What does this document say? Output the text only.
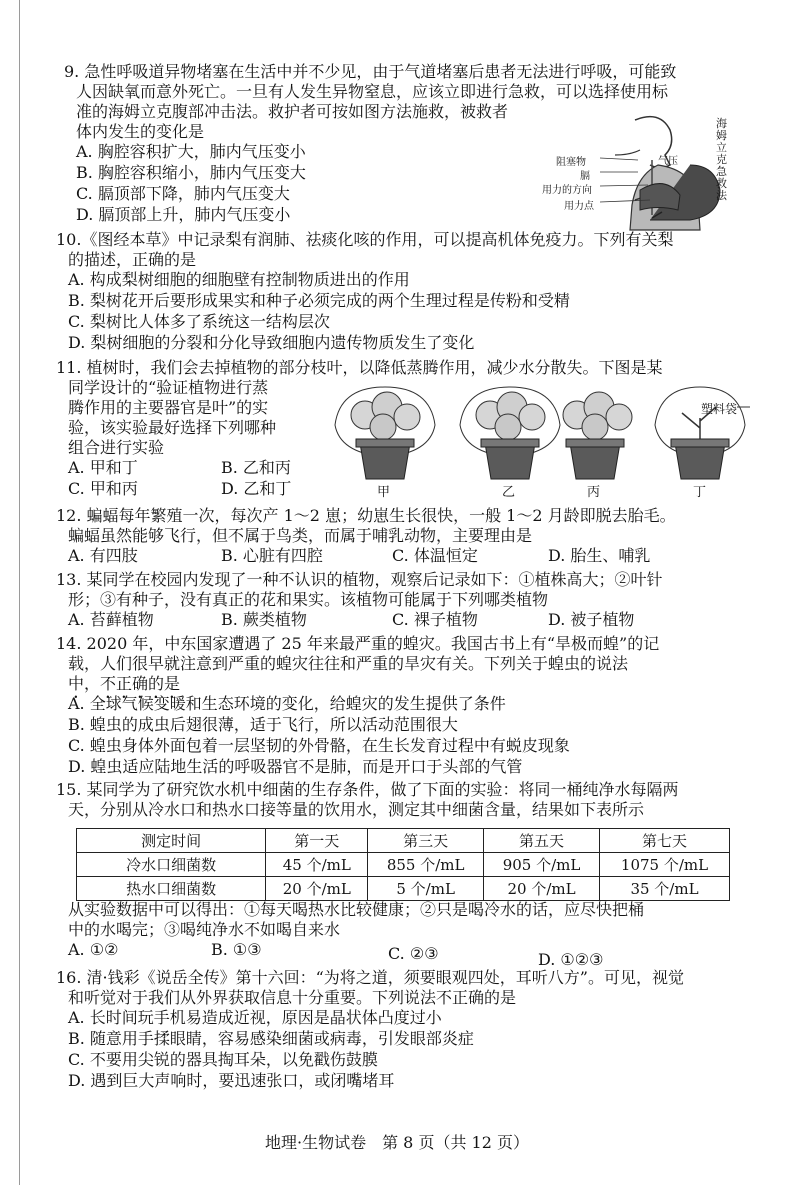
9. 急性呼吸道异物堵塞在生活中并不少见，由于气道堵塞后患者无法进行呼吸，可能致
人因缺氧而意外死亡。一旦有人发生异物窒息，应该立即进行急救，可以选择使用标
准的海姆立克腹部冲击法。救护者可按如图方法施救，被救者
体内发生的变化是
A. 胸腔容积扩大，肺内气压变小
B. 胸腔容积缩小，肺内气压变大
C. 膈顶部下降，肺内气压变大
D. 膈顶部上升，肺内气压变小
阻塞物
膈
用力的方向
用力点
气压
海姆立克急救法
10.《图经本草》中记录梨有润肺、祛痰化咳的作用，可以提高机体免疫力。下列有关梨
的描述，正确的是
A. 构成梨树细胞的细胞壁有控制物质进出的作用
B. 梨树花开后要形成果实和种子必须完成的两个生理过程是传粉和受精
C. 梨树比人体多了系统这一结构层次
D. 梨树细胞的分裂和分化导致细胞内遗传物质发生了变化
11. 植树时，我们会去掉植物的部分枝叶，以降低蒸腾作用，减少水分散失。下图是某
同学设计的“验证植物进行蒸
腾作用的主要器官是叶”的实
验，该实验最好选择下列哪种
组合进行实验
A. 甲和丁	B. 乙和丙
C. 甲和丙	D. 乙和丁	甲	乙	丙	丁
塑料袋
12. 蝙蝠每年繁殖一次，每次产 1～2 崽；幼崽生长很快，一般 1～2 月龄即脱去胎毛。
蝙蝠虽然能够飞行，但不属于鸟类，而属于哺乳动物，主要理由是
A. 有四肢	B. 心脏有四腔	C. 体温恒定	D. 胎生、哺乳
13. 某同学在校园内发现了一种不认识的植物，观察后记录如下：①植株高大；②叶针
形；③有种子，没有真正的花和果实。该植物可能属于下列哪类植物
A. 苔藓植物	B. 蕨类植物	C. 裸子植物	D. 被子植物
14. 2020 年，中东国家遭遇了 25 年来最严重的蝗灾。我国古书上有“旱极而蝗”的记
载，人们很早就注意到严重的蝗灾往往和严重的旱灾有关。下列关于蝗虫的说法
中，不正确的是
A. 全球气候变暖和生态环境的变化，给蝗灾的发生提供了条件
B. 蝗虫的成虫后翅很薄，适于飞行，所以活动范围很大
C. 蝗虫身体外面包着一层坚韧的外骨骼，在生长发育过程中有蜕皮现象
D. 蝗虫适应陆地生活的呼吸器官不是肺，而是开口于头部的气管
15. 某同学为了研究饮水机中细菌的生存条件，做了下面的实验：将同一桶纯净水每隔两
天，分别从冷水口和热水口接等量的饮用水，测定其中细菌含量，结果如下表所示
测定时间	第一天	第三天	第五天	第七天
冷水口细菌数	45 个/mL	855 个/mL	905 个/mL	1075 个/mL
热水口细菌数	20 个/mL	5 个/mL	20 个/mL	35 个/mL
从实验数据中可以得出：①每天喝热水比较健康；②只是喝冷水的话，应尽快把桶
中的水喝完；③喝纯净水不如喝自来水
A. ①②	B. ①③	C. ②③	D. ①②③
16. 清·钱彩《说岳全传》第十六回：“为将之道，须要眼观四处，耳听八方”。可见，视觉
和听觉对于我们从外界获取信息十分重要。下列说法不正确的是
A. 长时间玩手机易造成近视，原因是晶状体凸度过小
B. 随意用手揉眼睛，容易感染细菌或病毒，引发眼部炎症
C. 不要用尖锐的器具掏耳朵，以免戳伤鼓膜
D. 遇到巨大声响时，要迅速张口，或闭嘴堵耳
地理·生物试卷　第 8 页（共 12 页）
